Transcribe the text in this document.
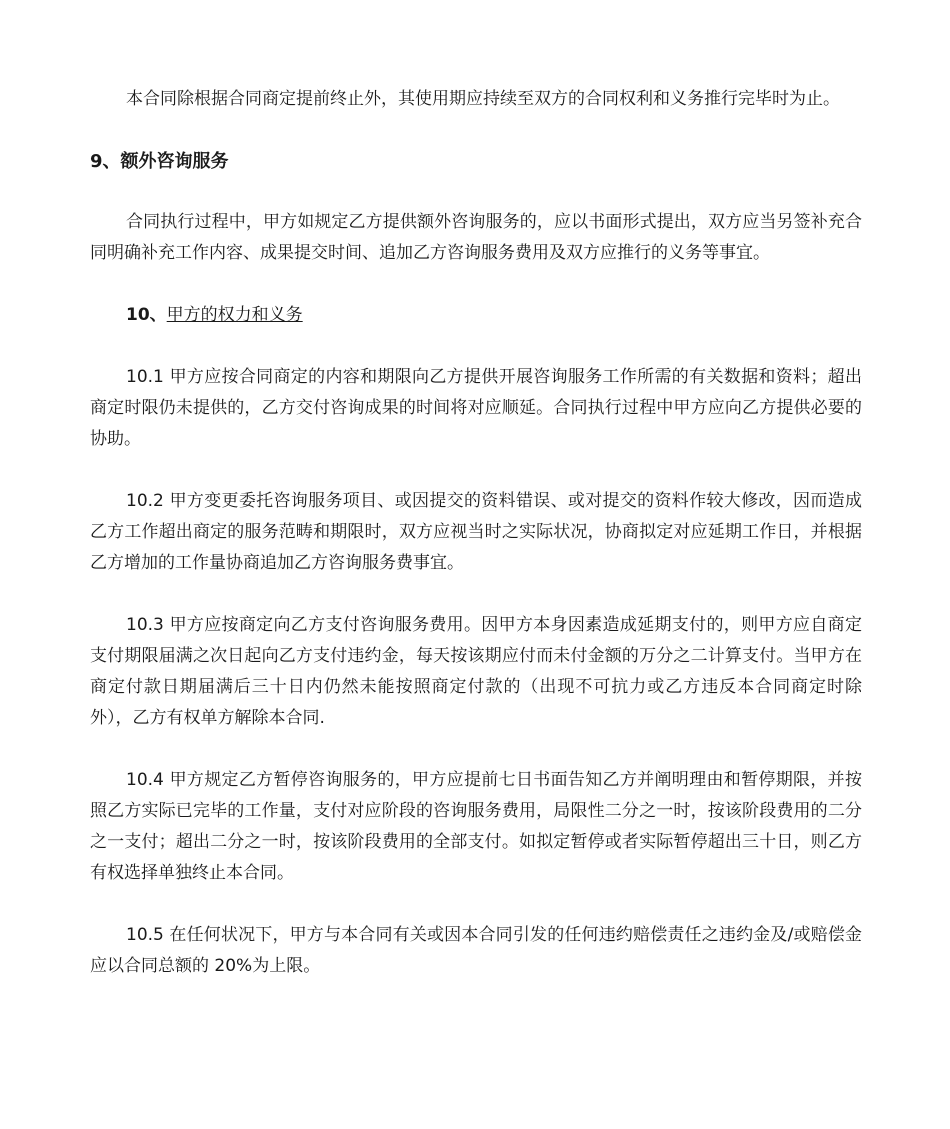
本合同除根据合同商定提前终止外，其使用期应持续至双方的合同权利和义务推行完毕时为止。

9、额外咨询服务

合同执行过程中，甲方如规定乙方提供额外咨询服务的，应以书面形式提出，双方应当另签补充合同明确补充工作内容、成果提交时间、追加乙方咨询服务费用及双方应推行的义务等事宜。

10、甲方的权力和义务

10.1 甲方应按合同商定的内容和期限向乙方提供开展咨询服务工作所需的有关数据和资料；超出商定时限仍未提供的，乙方交付咨询成果的时间将对应顺延。合同执行过程中甲方应向乙方提供必要的协助。

10.2 甲方变更委托咨询服务项目、或因提交的资料错误、或对提交的资料作较大修改，因而造成乙方工作超出商定的服务范畴和期限时，双方应视当时之实际状况，协商拟定对应延期工作日，并根据乙方增加的工作量协商追加乙方咨询服务费事宜。

10.3 甲方应按商定向乙方支付咨询服务费用。因甲方本身因素造成延期支付的，则甲方应自商定支付期限届满之次日起向乙方支付违约金，每天按该期应付而未付金额的万分之二计算支付。当甲方在商定付款日期届满后三十日内仍然未能按照商定付款的（出现不可抗力或乙方违反本合同商定时除外），乙方有权单方解除本合同.

10.4 甲方规定乙方暂停咨询服务的，甲方应提前七日书面告知乙方并阐明理由和暂停期限，并按照乙方实际已完毕的工作量，支付对应阶段的咨询服务费用，局限性二分之一时，按该阶段费用的二分之一支付；超出二分之一时，按该阶段费用的全部支付。如拟定暂停或者实际暂停超出三十日，则乙方有权选择单独终止本合同。

10.5 在任何状况下，甲方与本合同有关或因本合同引发的任何违约赔偿责任之违约金及/或赔偿金应以合同总额的 20%为上限。
